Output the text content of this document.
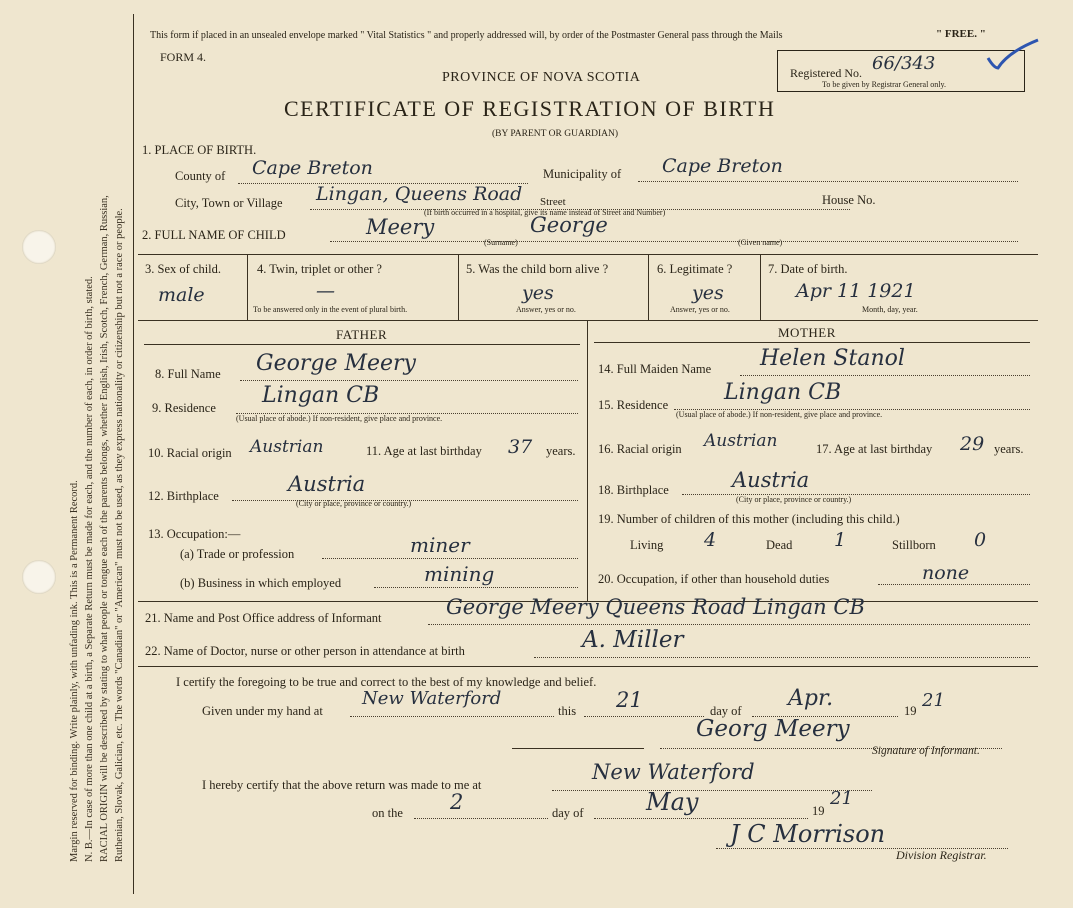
Margin reserved for binding. Write plainly, with unfading ink. This is a Permanent Record. N. B.—In case of more than one child at a birth, a Separate Return must be made for each, and the number of each, in order of birth, stated. RACIAL ORIGIN will be described by stating to what people or tongue each of the parents belongs, whether English, Irish, Scotch, French, German, Russian, Ruthenian, Slovak, Galician, etc. The words "Canadian" or "American" must not be used, as they express nationality or citizenship but not a race or people.
This form if placed in an unsealed envelope marked " Vital Statistics " and properly addressed will, by order of the Postmaster General pass through the Mails	" FREE. "
FORM 4.
Registered No. 66/343
To be given by Registrar General only.
PROVINCE OF NOVA SCOTIA
CERTIFICATE OF REGISTRATION OF BIRTH
(BY PARENT OR GUARDIAN)
1. PLACE OF BIRTH.
County of Cape Breton	Municipality of Cape Breton
City, Town or Village Lingan, Queens Road Street	House No.
(If birth occurred in a hospital, give its name instead of Street and Number)
2. FULL NAME OF CHILD	Meery	George
(Surname)	(Given name)
3. Sex of child.
male
4. Twin, triplet or other ?
—
To be answered only in the event of plural birth.
5. Was the child born alive ?
yes
Answer, yes or no.
6. Legitimate ?
yes
Answer, yes or no.
7. Date of birth.
Apr 11 1921
Month, day, year.
FATHER	MOTHER
8. Full Name George Meery
9. Residence Lingan CB
(Usual place of abode.) If non-resident, give place and province.
10. Racial origin Austrian	11. Age at last birthday 37 years.
12. Birthplace	Austria
(City or place, province or country.)
13. Occupation:—
(a) Trade or profession	miner
(b) Business in which employed	mining
14. Full Maiden Name Helen Stanol
15. Residence	Lingan CB
(Usual place of abode.) If non-resident, give place and province.
16. Racial origin Austrian	17. Age at last birthday 29 years.
18. Birthplace	Austria
(City or place, province or country.)
19. Number of children of this mother (including this child.)
Living 4	Dead 1	Stillborn 0
20. Occupation, if other than household duties	none
21. Name and Post Office address of Informant	George Meery Queens Road Lingan CB
22. Name of Doctor, nurse or other person in attendance at birth	A. Miller
I certify the foregoing to be true and correct to the best of my knowledge and belief.
Given under my hand at
New Waterford
this 21	day of Apr.	19 21
Georg Meery
Signature of Informant.
I hereby certify that the above return was made to me at
New Waterford
on the 2	day of	May	19
21
J C Morrison
Division Registrar.
